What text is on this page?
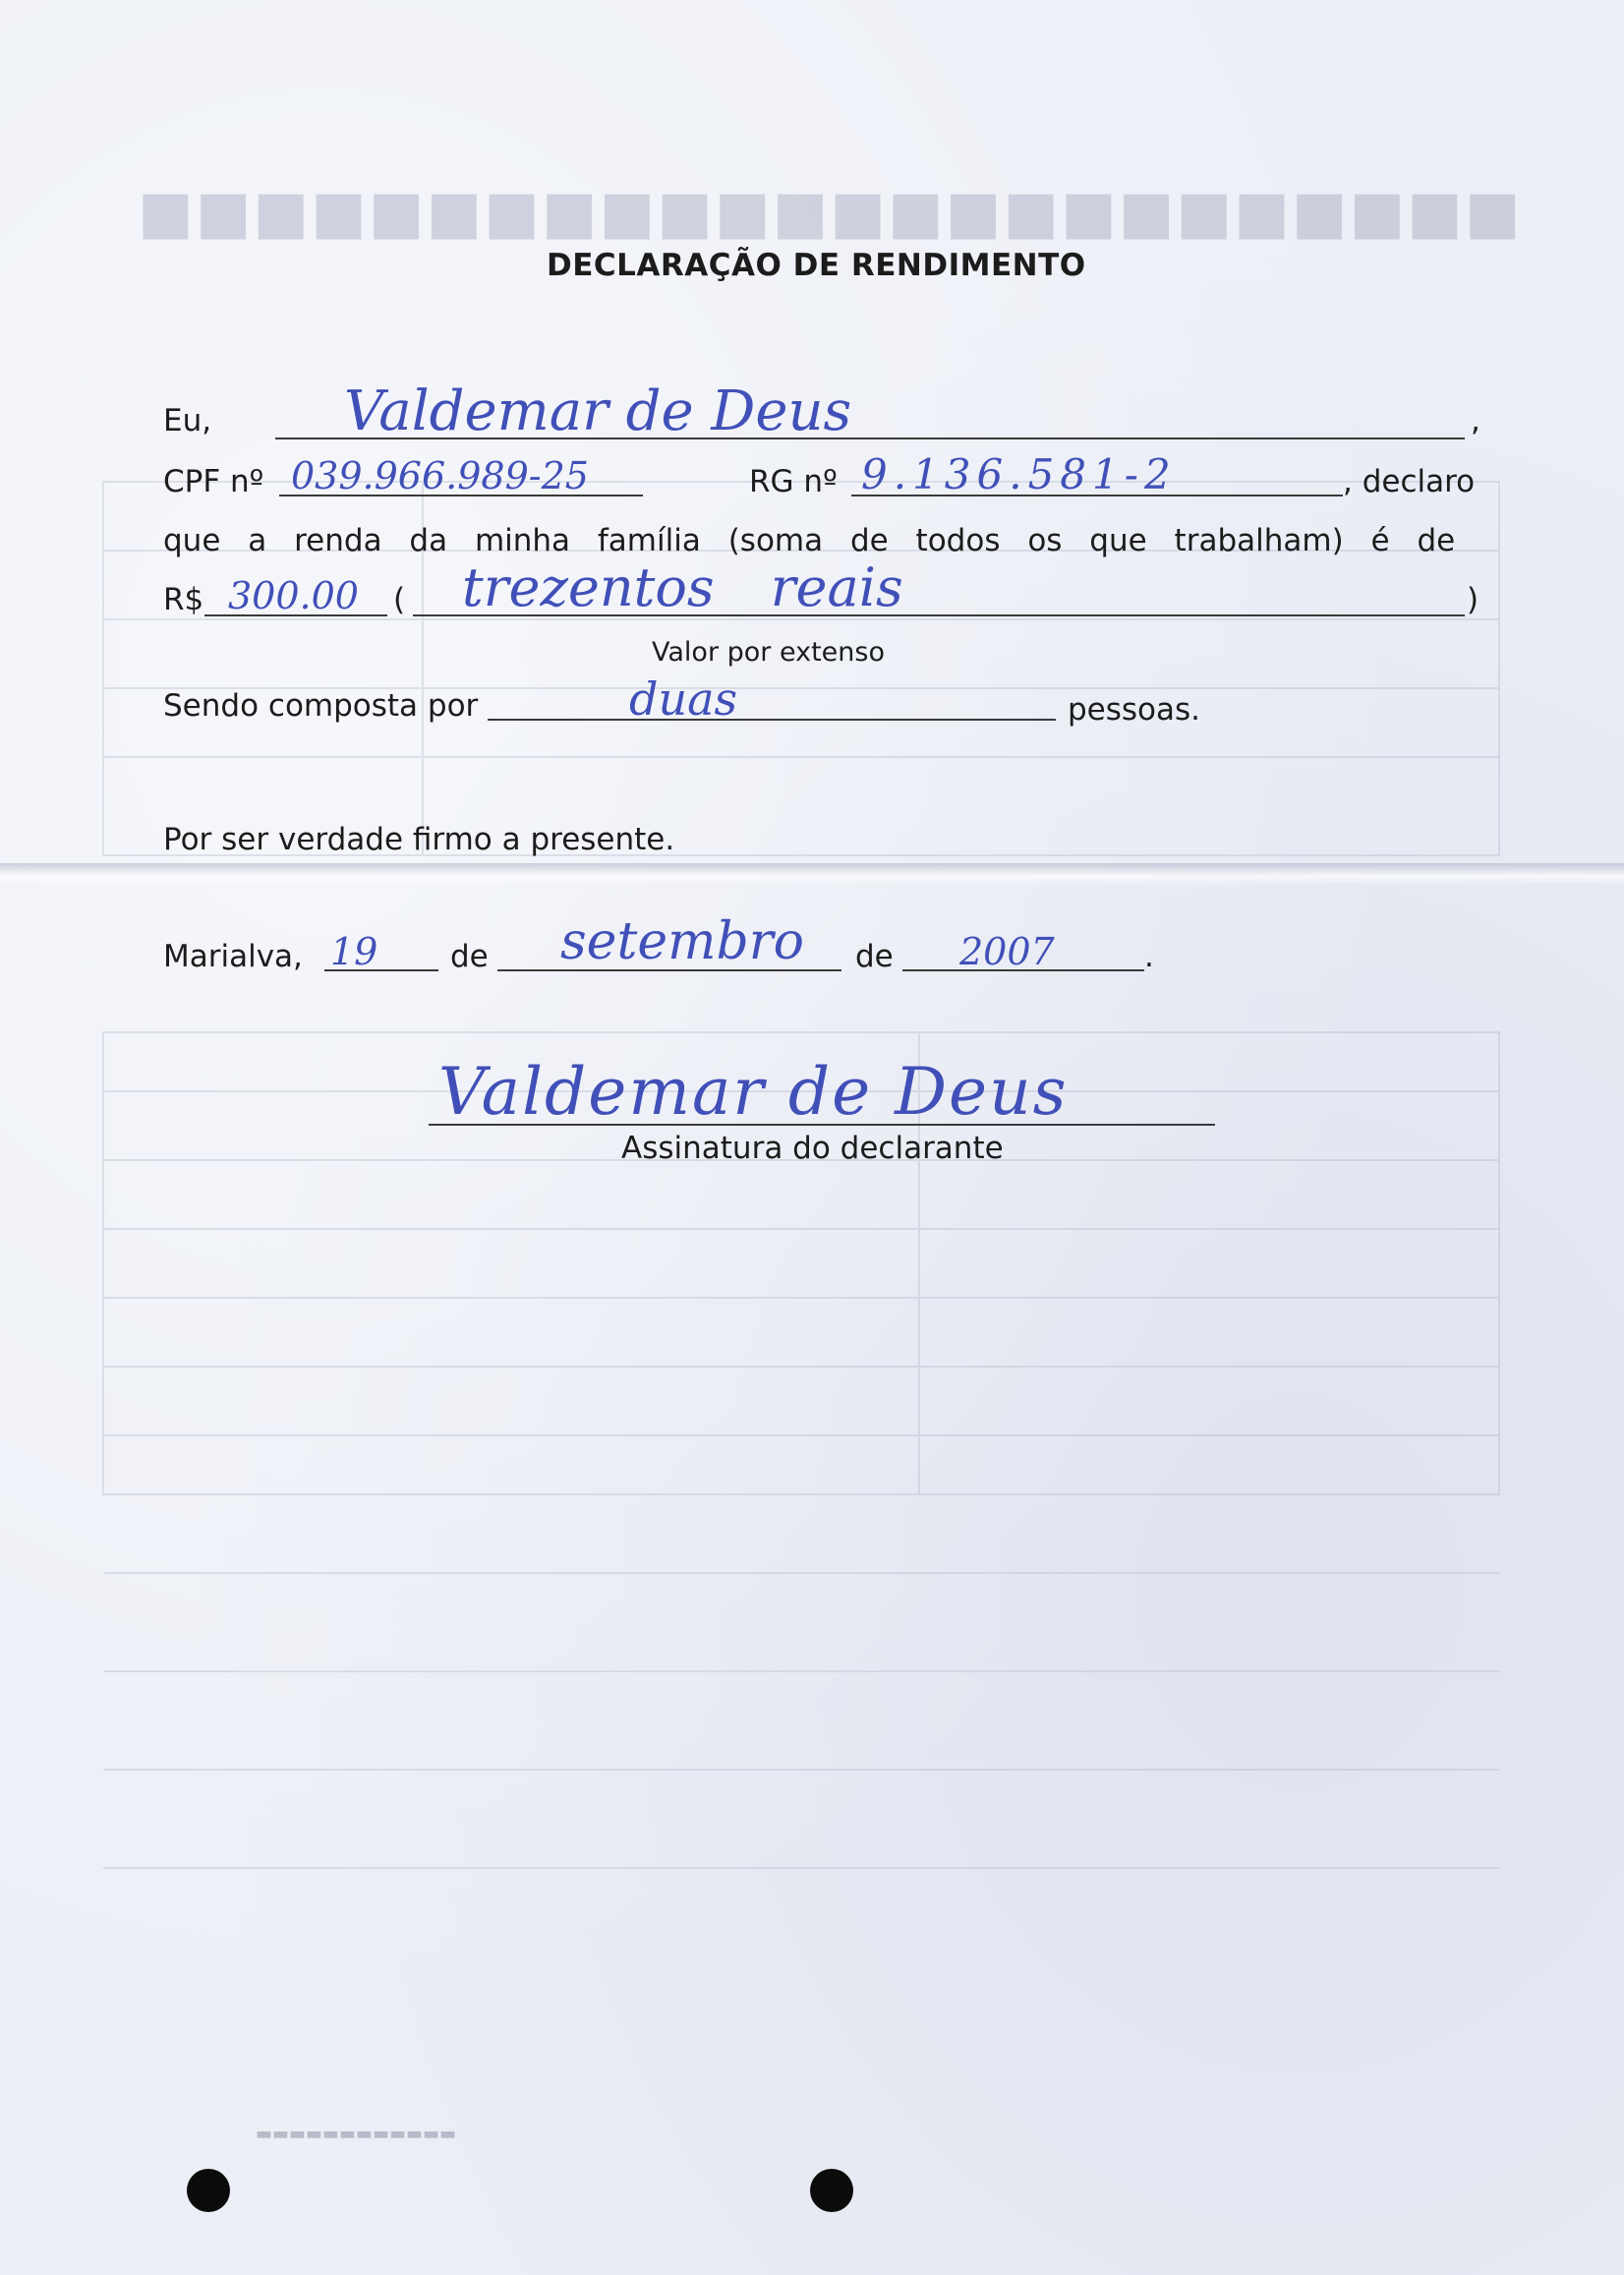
■■■■■■■■■■■■■■■■■■■■■■■■
DECLARAÇÃO DE RENDIMENTO
Eu, Valdemar de Deus	,
CPF nº 039.966.989-25	RG nº 9.136.581-2	, declaro
que a renda da minha família (soma de todos os que trabalham) é de
R$ 300.00 ( trezentos reais	)
Valor por extenso
Sendo composta por	duas	pessoas.
Por ser verdade firmo a presente.
Marialva, 19 de setembro de 2007	.
Valdemar de Deus
Assinatura do declarante
▬▬▬▬▬▬▬▬▬▬▬▬
